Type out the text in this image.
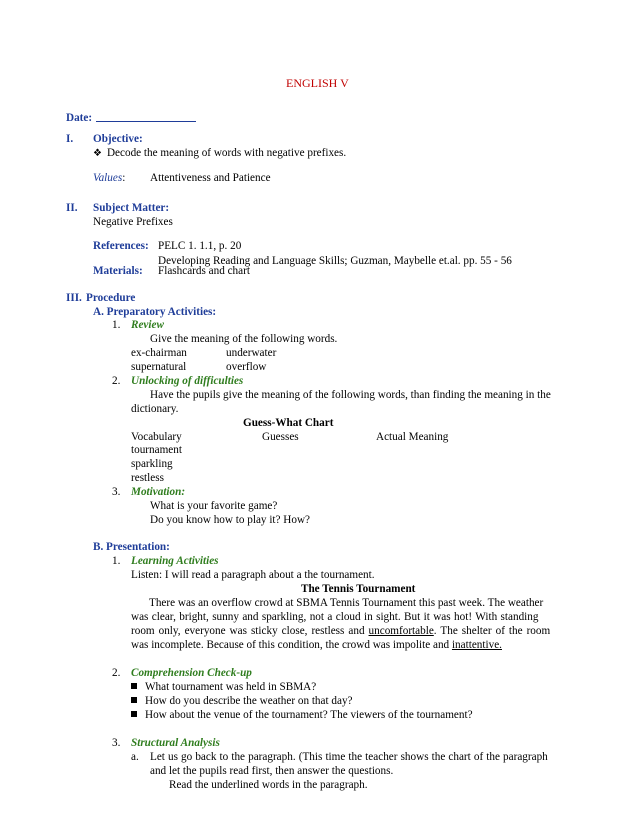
ENGLISH V
Date:
I. Objective:
❖ Decode the meaning of words with negative prefixes.
Values: Attentiveness and Patience
II. Subject Matter:
Negative Prefixes
References: PELC 1. 1.1, p. 20
Developing Reading and Language Skills; Guzman, Maybelle et.al. pp. 55 - 56
Materials: Flashcards and chart
III. Procedure
A. Preparatory Activities:
1. Review
Give the meaning of the following words.
ex-chairman	underwater
supernatural	overflow
2. Unlocking of difficulties
Have the pupils give the meaning of the following words, than finding the meaning in the
dictionary.
Guess-What Chart
Vocabulary	Guesses	Actual Meaning
tournament
sparkling
restless
3. Motivation:
What is your favorite game?
Do you know how to play it? How?
B. Presentation:
1. Learning Activities
Listen: I will read a paragraph about a the tournament.
The Tennis Tournament
There was an overflow crowd at SBMA Tennis Tournament this past week. The weather
was clear, bright, sunny and sparkling, not a cloud in sight. But it was hot! With standing
room only, everyone was sticky close, restless and uncomfortable. The shelter of the room
was incomplete. Because of this condition, the crowd was impolite and inattentive.
2. Comprehension Check-up
What tournament was held in SBMA?
How do you describe the weather on that day?
How about the venue of the tournament? The viewers of the tournament?
3. Structural Analysis
a. Let us go back to the paragraph. (This time the teacher shows the chart of the paragraph
and let the pupils read first, then answer the questions.
Read the underlined words in the paragraph.
